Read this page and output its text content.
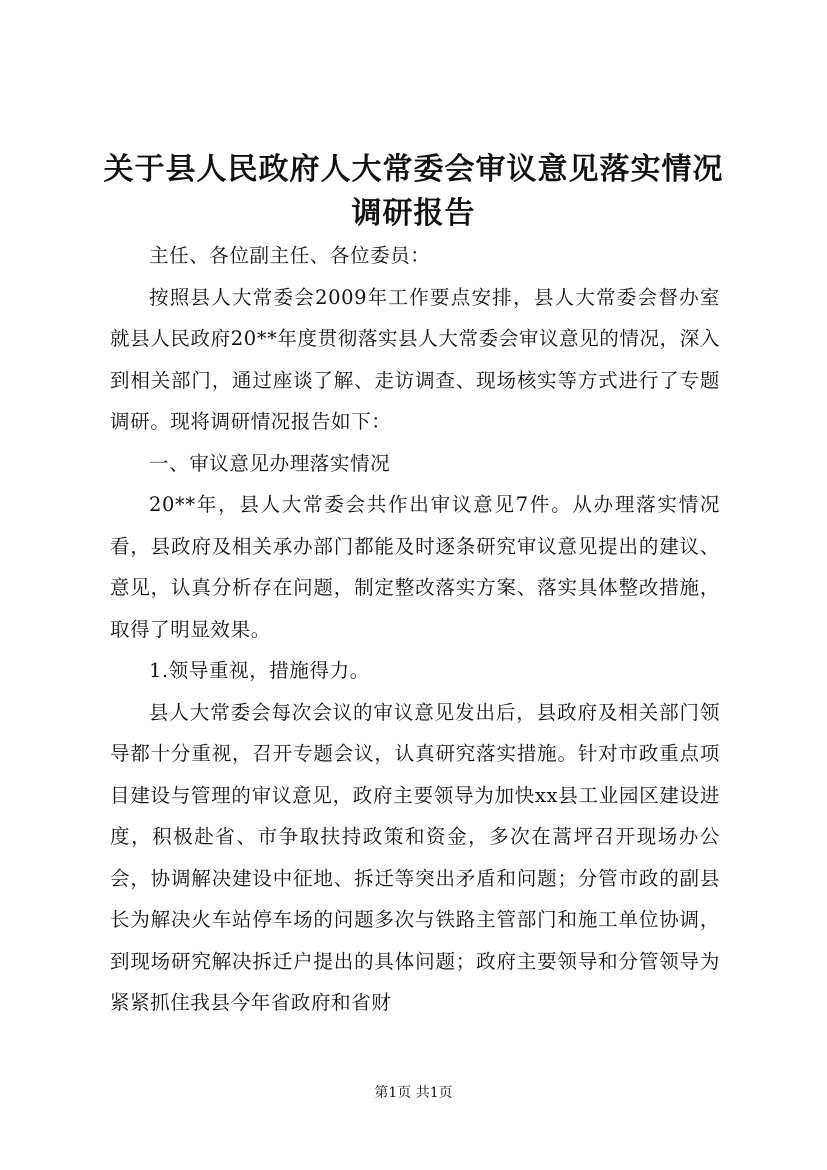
关于县人民政府人大常委会审议意见落实情况
调研报告

主任、各位副主任、各位委员：

按照县人大常委会2009年工作要点安排，县人大常委会督办室就县人民政府20**年度贯彻落实县人大常委会审议意见的情况，深入到相关部门，通过座谈了解、走访调查、现场核实等方式进行了专题调研。现将调研情况报告如下：

一、审议意见办理落实情况

20**年，县人大常委会共作出审议意见7件。从办理落实情况看，县政府及相关承办部门都能及时逐条研究审议意见提出的建议、意见，认真分析存在问题，制定整改落实方案、落实具体整改措施，取得了明显效果。

1.领导重视，措施得力。

县人大常委会每次会议的审议意见发出后，县政府及相关部门领导都十分重视，召开专题会议，认真研究落实措施。针对市政重点项目建设与管理的审议意见，政府主要领导为加快xx县工业园区建设进度，积极赴省、市争取扶持政策和资金，多次在蒿坪召开现场办公会，协调解决建设中征地、拆迁等突出矛盾和问题；分管市政的副县长为解决火车站停车场的问题多次与铁路主管部门和施工单位协调，到现场研究解决拆迁户提出的具体问题；政府主要领导和分管领导为紧紧抓住我县今年省政府和省财

第1页 共1页
